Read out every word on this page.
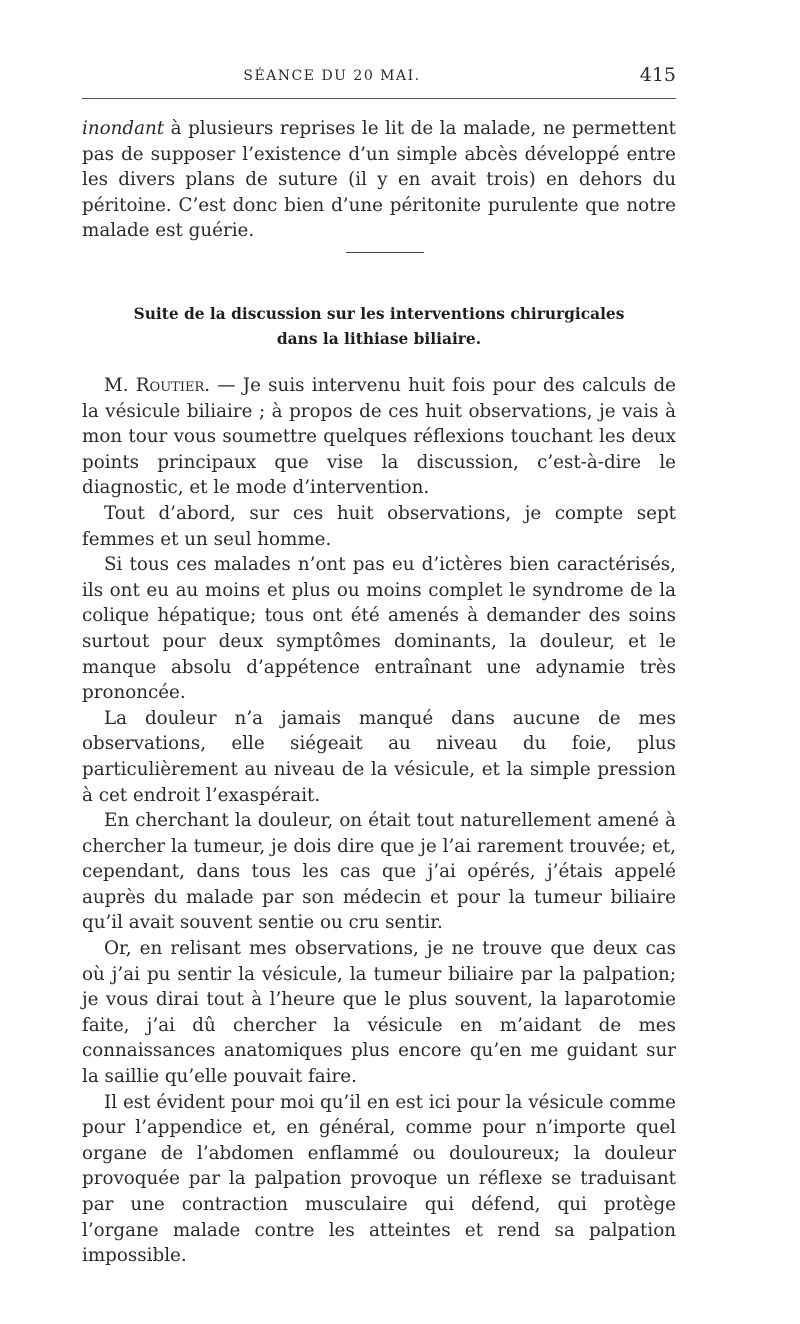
SÉANCE DU 20 MAI.	415

inondant à plusieurs reprises le lit de la malade, ne permettent pas de supposer l’existence d’un simple abcès développé entre les divers plans de suture (il y en avait trois) en dehors du péritoine. C’est donc bien d’une péritonite purulente que notre malade est guérie.

Suite de la discussion sur les interventions chirurgicales
dans la lithiase biliaire.

M. Routier. — Je suis intervenu huit fois pour des calculs de la vésicule biliaire ; à propos de ces huit observations, je vais à mon tour vous soumettre quelques réflexions touchant les deux points principaux que vise la discussion, c’est-à-dire le diagnostic, et le mode d’intervention.

Tout d’abord, sur ces huit observations, je compte sept femmes et un seul homme.

Si tous ces malades n’ont pas eu d’ictères bien caractérisés, ils ont eu au moins et plus ou moins complet le syndrome de la colique hépatique; tous ont été amenés à demander des soins surtout pour deux symptômes dominants, la douleur, et le manque absolu d’appétence entraînant une adynamie très prononcée.

La douleur n’a jamais manqué dans aucune de mes observations, elle siégeait au niveau du foie, plus particulièrement au niveau de la vésicule, et la simple pression à cet endroit l’exaspérait.

En cherchant la douleur, on était tout naturellement amené à chercher la tumeur, je dois dire que je l’ai rarement trouvée; et, cependant, dans tous les cas que j’ai opérés, j’étais appelé auprès du malade par son médecin et pour la tumeur biliaire qu’il avait souvent sentie ou cru sentir.

Or, en relisant mes observations, je ne trouve que deux cas où j’ai pu sentir la vésicule, la tumeur biliaire par la palpation; je vous dirai tout à l’heure que le plus souvent, la laparotomie faite, j’ai dû chercher la vésicule en m’aidant de mes connaissances anatomiques plus encore qu’en me guidant sur la saillie qu’elle pouvait faire.

Il est évident pour moi qu’il en est ici pour la vésicule comme pour l’appendice et, en général, comme pour n’importe quel organe de l’abdomen enflammé ou douloureux; la douleur provoquée par la palpation provoque un réflexe se traduisant par une contraction musculaire qui défend, qui protège l’organe malade contre les atteintes et rend sa palpation impossible.
